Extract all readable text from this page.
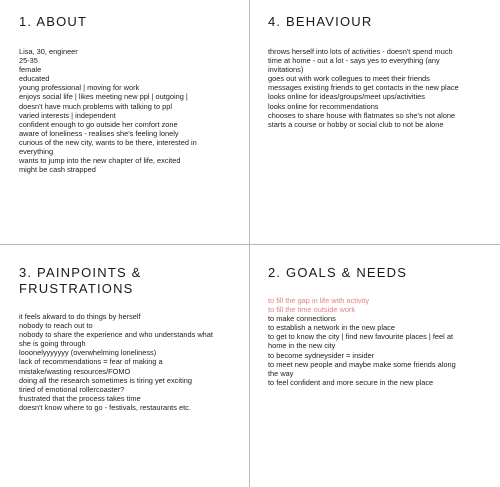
1. ABOUT
Lisa, 30, engineer
25-35
female
educated
young professional | moving for work
enjoys social life | likes meeting new ppl | outgoing |
doesn't have much problems with talking to ppl
varied interests | independent
confident enough to go outside her comfort zone
aware of loneliness - realises she's feeling lonely
curious of the new city, wants to be there, interested in
everything
wants to jump into the new chapter of life, excited
might be cash strapped
4. BEHAVIOUR
throws herself into lots of activities - doesn't spend much
time at home - out a lot - says yes to everything (any
invitations)
goes out with work collegues to meet their friends
messages existing friends to get contacts in the new place
looks online for ideas/groups/meet ups/activities
looks online for recommendations
chooses to share house with flatmates so she's not alone
starts a course or hobby or social club to not be alone
3. PAINPOINTS & FRUSTRATIONS
it feels akward to do things by herself
nobody to reach out to
nobody to share the experience and who understands what
she is going through
looonelyyyyyyy (overwhelming loneliness)
lack of recommendations = fear of making a
mistake/wasting resources/FOMO
doing all the research sometimes is tiring yet exciting
tiried of emotional rollercoaster?
frustrated that the process takes time
doesn't know where to go - festivals, restaurants etc.
2. GOALS & NEEDS
to fill the gap in life with activity
to fill the time outside work
to make connections
to establish a network in the new place
to get to know the city | find new favourite places | feel at
home in the new city
to become sydneysider = insider
to meet new people and maybe make some friends along
the way
to feel confident and more secure in the new place
